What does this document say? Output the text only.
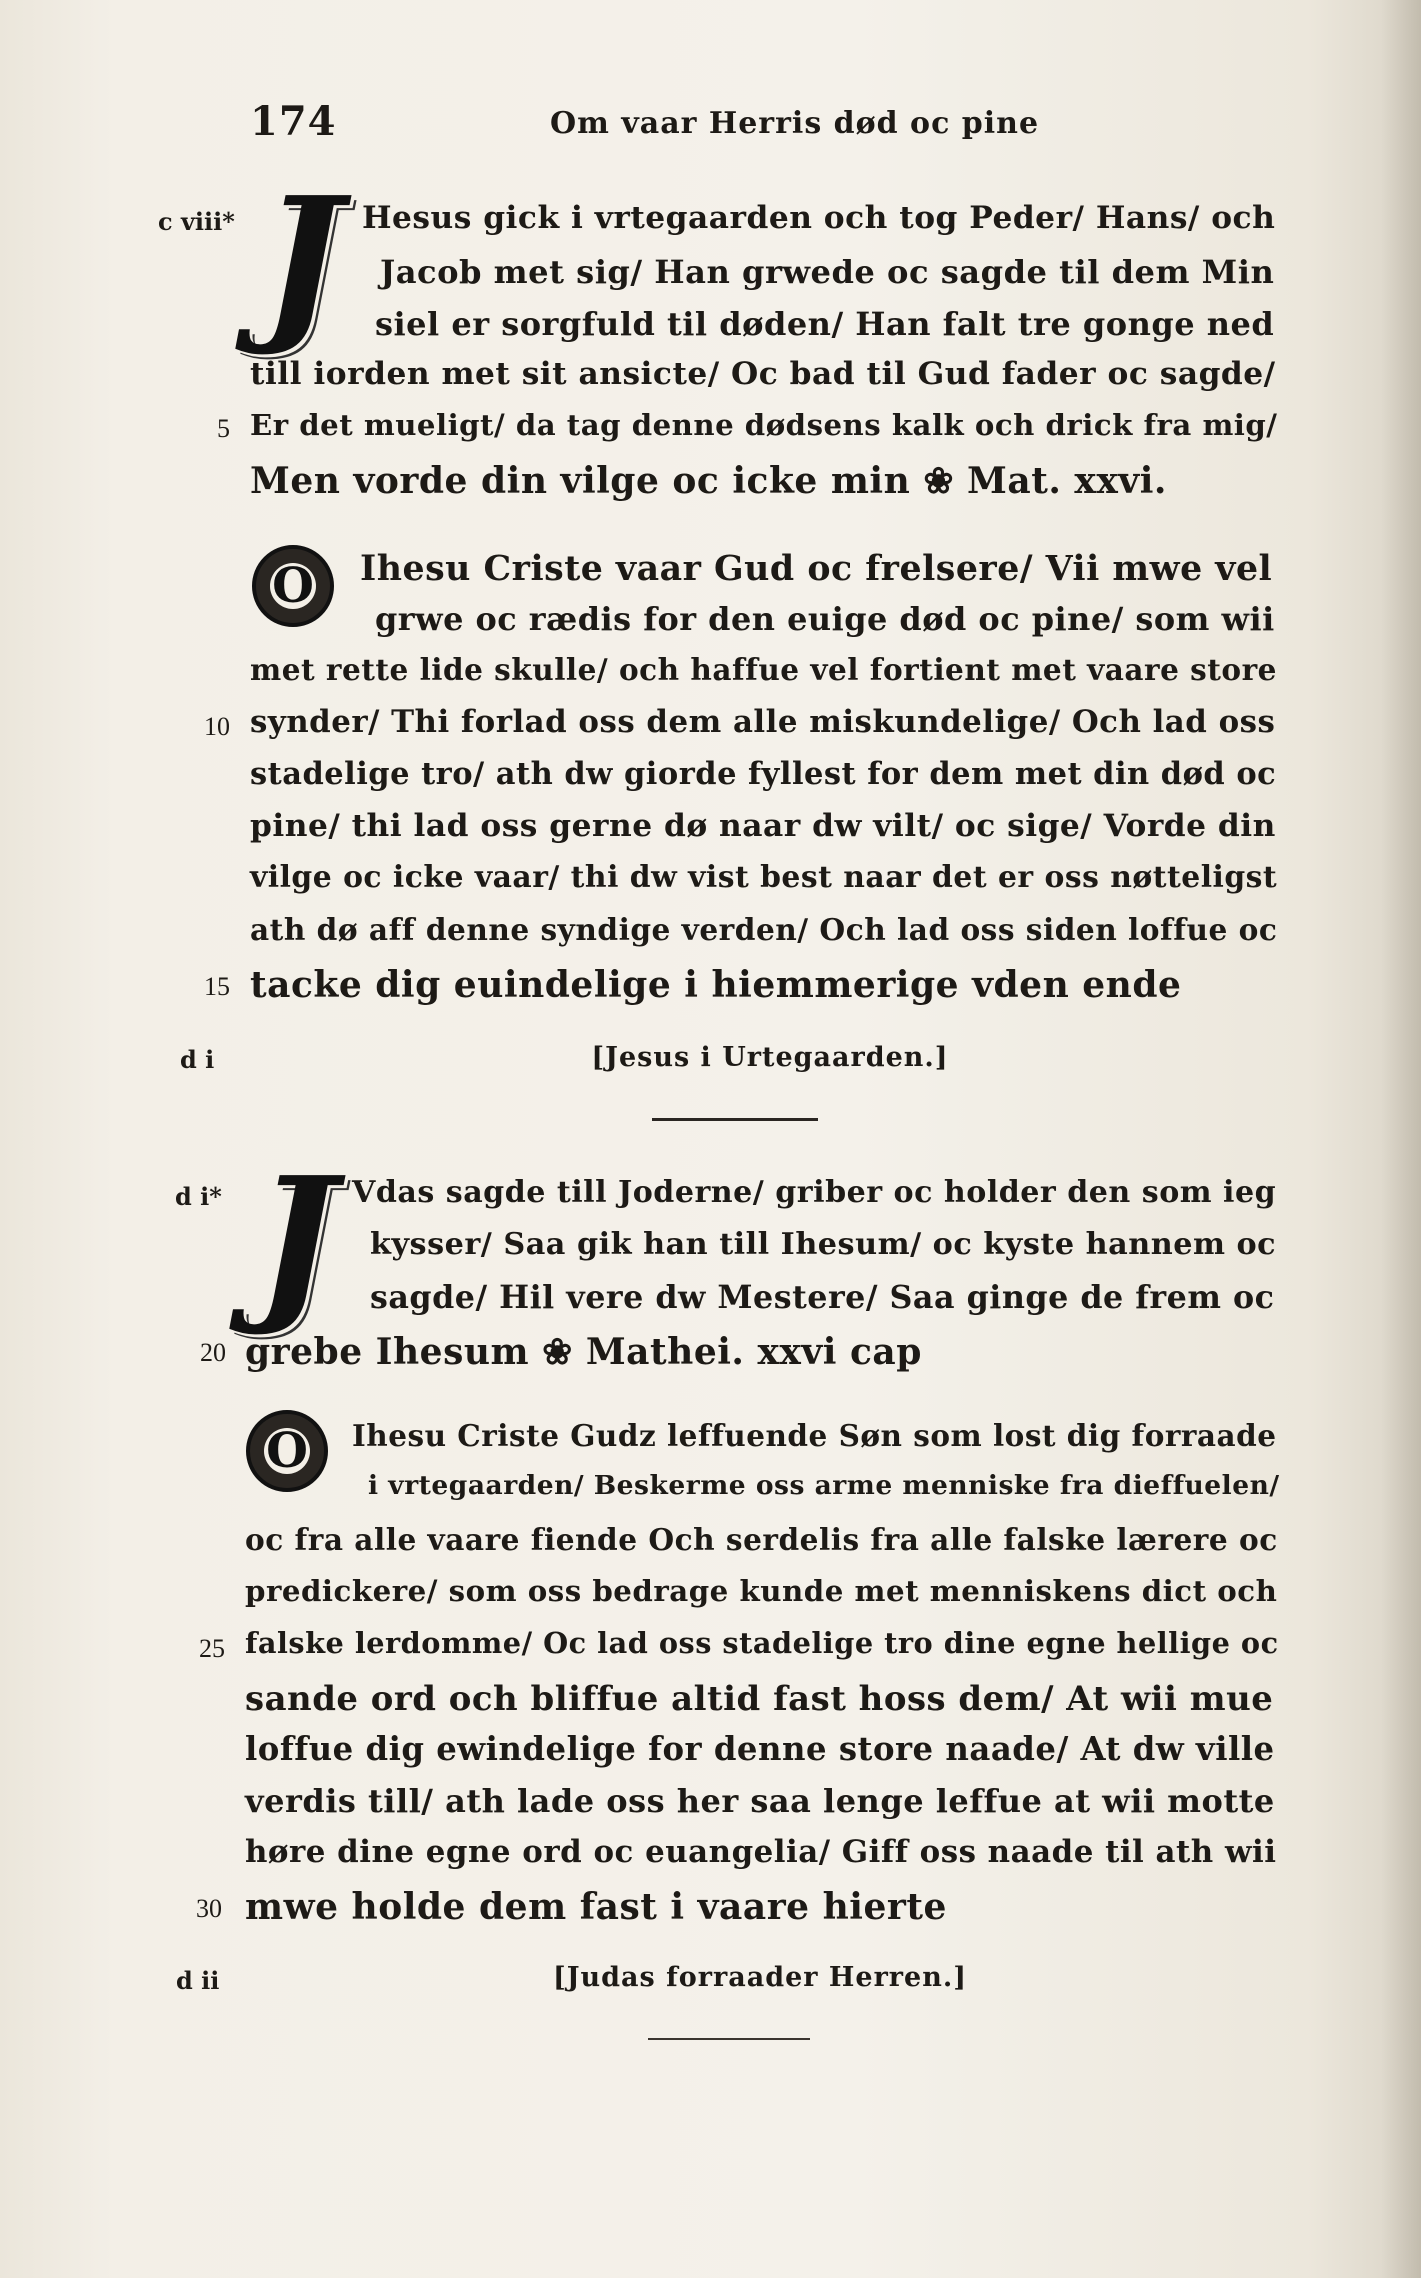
174	Om vaar Herris død oc pine
c viii* J Hesus gick i vrtegaarden och tog Peder/ Hans/ och
Jacob met sig/ Han grwede oc sagde til dem Min
siel er sorgfuld til døden/ Han falt tre gonge ned
till iorden met sit ansicte/ Oc bad til Gud fader oc sagde/
5 Er det mueligt/ da tag denne dødsens kalk och drick fra mig/
Men vorde din vilge oc icke min ❀ Mat. xxvi.
O Ihesu Criste vaar Gud oc frelsere/ Vii mwe vel
grwe oc rædis for den euige død oc pine/ som wii
met rette lide skulle/ och haffue vel fortient met vaare store
10 synder/ Thi forlad oss dem alle miskundelige/ Och lad oss
stadelige tro/ ath dw giorde fyllest for dem met din død oc
pine/ thi lad oss gerne dø naar dw vilt/ oc sige/ Vorde din
vilge oc icke vaar/ thi dw vist best naar det er oss nøtteligst
ath dø aff denne syndige verden/ Och lad oss siden loffue oc
15 tacke dig euindelige i hiemmerige vden ende
d i	[Jesus i Urtegaarden.]
d i* J Vdas sagde till Joderne/ griber oc holder den som ieg
kysser/ Saa gik han till Ihesum/ oc kyste hannem oc
sagde/ Hil vere dw Mestere/ Saa ginge de frem oc
20 grebe Ihesum ❀ Mathei. xxvi cap
O Ihesu Criste Gudz leffuende Søn som lost dig forraade
i vrtegaarden/ Beskerme oss arme menniske fra dieffuelen/
oc fra alle vaare fiende Och serdelis fra alle falske lærere oc
predickere/ som oss bedrage kunde met menniskens dict och
25 falske lerdomme/ Oc lad oss stadelige tro dine egne hellige oc
sande ord och bliffue altid fast hoss dem/ At wii mue
loffue dig ewindelige for denne store naade/ At dw ville
verdis till/ ath lade oss her saa lenge leffue at wii motte
høre dine egne ord oc euangelia/ Giff oss naade til ath wii
30 mwe holde dem fast i vaare hierte
d ii	[Judas forraader Herren.]
